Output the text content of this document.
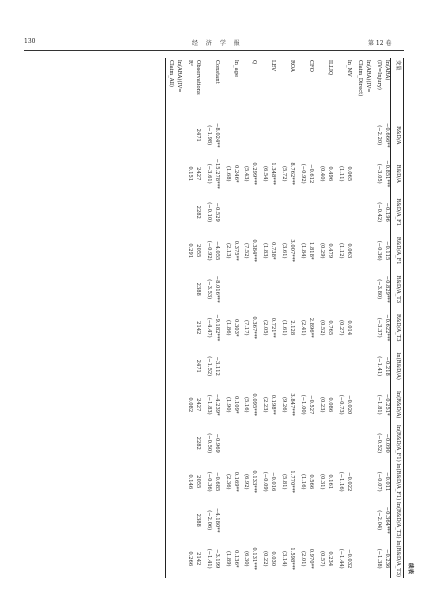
130	经 济 学 报	第 12 卷
续表
变量	R&D/A	R&D/A	R&D/A_F1	R&D/A_F1	R&D/A_T3	R&D/A_T3	ln(R&D/A)	ln(R&D/A)	ln(R&D/A_F1)	ln(R&D/A_F1)	ln(R&D/A_T3)	ln(R&D/A_T3)
ln(ARA)	−0.666**	−0.851***	−0.196	−0.115	−0.829***	−0.622***	−0.218	−0.251*	−0.090	−0.011	−0.364***	−0.236
(IV=Injury)	(−2.20)	(−3.05)	(−0.42)	(−0.36)	(−3.80)	(−3.37)	(−1.41)	(−1.81)	(−0.52)	(−0.07)	(−2.04)	(−1.38)
ln(ARA)(IV=												
Claim_Direct)												
ln_MV		0.065		0.063		0.014		−0.020		−0.022		−0.032
		(1.11)		(1.12)		(0.27)		(−0.73)		(−1.16)		(−1.44)
ILLIQ		0.496		0.479		0.765		0.086		0.161		0.234
		(0.40)		(0.29)		(0.52)		(0.23)		(0.31)		(0.57)
CFO		−0.612		1.818*		2.896**		−0.527		0.566		0.970**
		(−0.92)		(1.84)		(2.41)		(−1.00)		(1.16)		(2.01)
ROA		8.762***		3.007***		2.128		3.847***		1.770***		1.598***
		(5.72)		(3.61)		(1.61)		(9.26)		(5.81)		(3.14)
LEV		1.348***		0.738*		0.721**		0.198**		−0.016		0.030
		(6.54)		(1.83)		(2.05)		(2.23)		(−0.09)		(0.22)
Q		0.299***		0.384***		0.367***		0.095***		0.133***		0.131***
		(5.43)		(7.52)		(7.17)		(5.16)		(6.92)		(6.30)
ln_age		0.246*		0.375**		0.303*		0.109*		0.169**		0.136*
		(1.68)		(2.13)		(1.86)		(1.90)		(2.36)		(1.89)
Constant	−8.024**	−15.278***	−0.529	−4.055	−8.016***	−9.182***	−3.112	−4.239*	−0.969	−0.685	−4.180**	−3.199
	(−1.98)	(−3.61)	(−0.10)	(−0.92)	(−3.53)	(−4.47)	(−1.52)	(−1.83)	(−0.50)	(−0.36)	(−2.06)	(−1.41)
Observations	2471	2427	2282	2055	2388	2142	2471	2427	2282	2055	2388	2142
R²		0.151		0.291				0.082		0.146		0.266
ln(ARA)(IV=												
Claim_All)												
